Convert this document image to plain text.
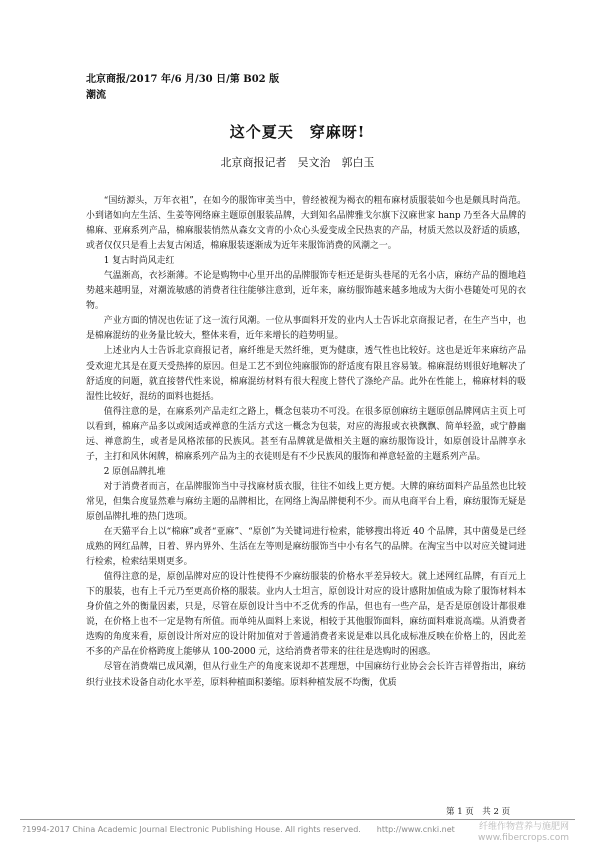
北京商报/2017 年/6 月/30 日/第 B02 版
潮流
这个夏天　穿麻呀!
北京商报记者　吴文治　郭白玉

“国纺源头，万年衣祖”，在如今的服饰审美当中，曾经被视为褐衣的粗布麻材质服装如今也是颇具时尚范。小到诸如向左生活、生姜等网络麻主题原创服装品牌，大到知名品牌雅戈尔旗下汉麻世家 hanp 乃至各大品牌的棉麻、亚麻系列产品，棉麻服装悄然从森女文青的小众心头爱变成全民热衷的产品，材质天然以及舒适的质感，或者仅仅只是看上去复古闲适，棉麻服装逐渐成为近年来服饰消费的风潮之一。

1 复古时尚风走红

气温渐高，衣衫渐薄。不论是购物中心里开出的品牌服饰专柜还是街头巷尾的无名小店，麻纺产品的圈地趋势越来越明显，对潮流敏感的消费者往往能够注意到，近年来，麻纺服饰越来越多地成为大街小巷随处可见的衣物。

产业方面的情况也佐证了这一流行风潮。一位从事面料开发的业内人士告诉北京商报记者，在生产当中，也是棉麻混纺的业务量比较大，整体来看，近年来增长的趋势明显。

上述业内人士告诉北京商报记者，麻纤维是天然纤维，更为健康，透气性也比较好。这也是近年来麻纺产品受欢迎尤其是在夏天受热捧的原因。但是工艺不到位纯麻服饰的舒适度有限且容易皱。棉麻混纺则很好地解决了舒适度的问题，就直接替代性来说，棉麻混纺材料有很大程度上替代了涤纶产品。此外在性能上，棉麻材料的吸湿性比较好，混纺的面料也挺括。

值得注意的是，在麻系列产品走红之路上，概念包装功不可没。在很多原创麻纺主题原创品牌网店主页上可以看到，棉麻产品多以或闲适或禅意的生活方式这一概念为包装，对应的海报或衣袂飘飘、简单轻盈，或宁静幽远、禅意韵生，或者是风格浓郁的民族风。甚至有品牌就是做相关主题的麻纺服饰设计，如原创设计品牌享永子，主打和风休闲牌，棉麻系列产品为主的衣徒则是有不少民族风的服饰和禅意轻盈的主题系列产品。

2 原创品牌扎堆

对于消费者而言，在品牌服饰当中寻找麻材质衣服，往往不如线上更方便。大牌的麻纺面料产品虽然也比较常见，但集合度显然难与麻纺主题的品牌相比，在网络上淘品牌便利不少。而从电商平台上看，麻纺服饰无疑是原创品牌扎堆的热门选项。

在天猫平台上以“棉麻”或者“亚麻”、“原创”为关键词进行检索，能够搜出将近 40 个品牌，其中菌曼是已经成熟的网红品牌，日着、界内界外、生活在左等则是麻纺服饰当中小有名气的品牌。在淘宝当中以对应关键词进行检索，检索结果则更多。

值得注意的是，原创品牌对应的设计性使得不少麻纺服装的价格水平差异较大。就上述网红品牌，有百元上下的服装，也有上千元乃至更高价格的服装。业内人士坦言，原创设计对应的设计感附加值成为除了服饰材料本身价值之外的衡量因素，只是，尽管在原创设计当中不乏优秀的作品，但也有一些产品，是否是原创设计都很难说，在价格上也不一定是物有所值。而单纯从面料上来说，相较于其他服饰面料，麻纺面料难说高端。从消费者选购的角度来看，原创设计所对应的设计附加值对于普通消费者来说是难以具化成标准反映在价格上的，因此差不多的产品在价格跨度上能够从 100-2000 元，这给消费者带来的往往是选购时的困惑。

尽管在消费端已成风潮，但从行业生产的角度来说却不甚理想，中国麻纺行业协会会长许吉祥曾指出，麻纺织行业技术设备自动化水平差，原料种植面积萎缩。原料种植发展不均衡，优质

第 1 页　共 2 页
?1994-2017 China Academic Journal Electronic Publishing House. All rights reserved.　　http://www.cnki.net	纤维作物营养与施肥网
www.fibercrops.com
